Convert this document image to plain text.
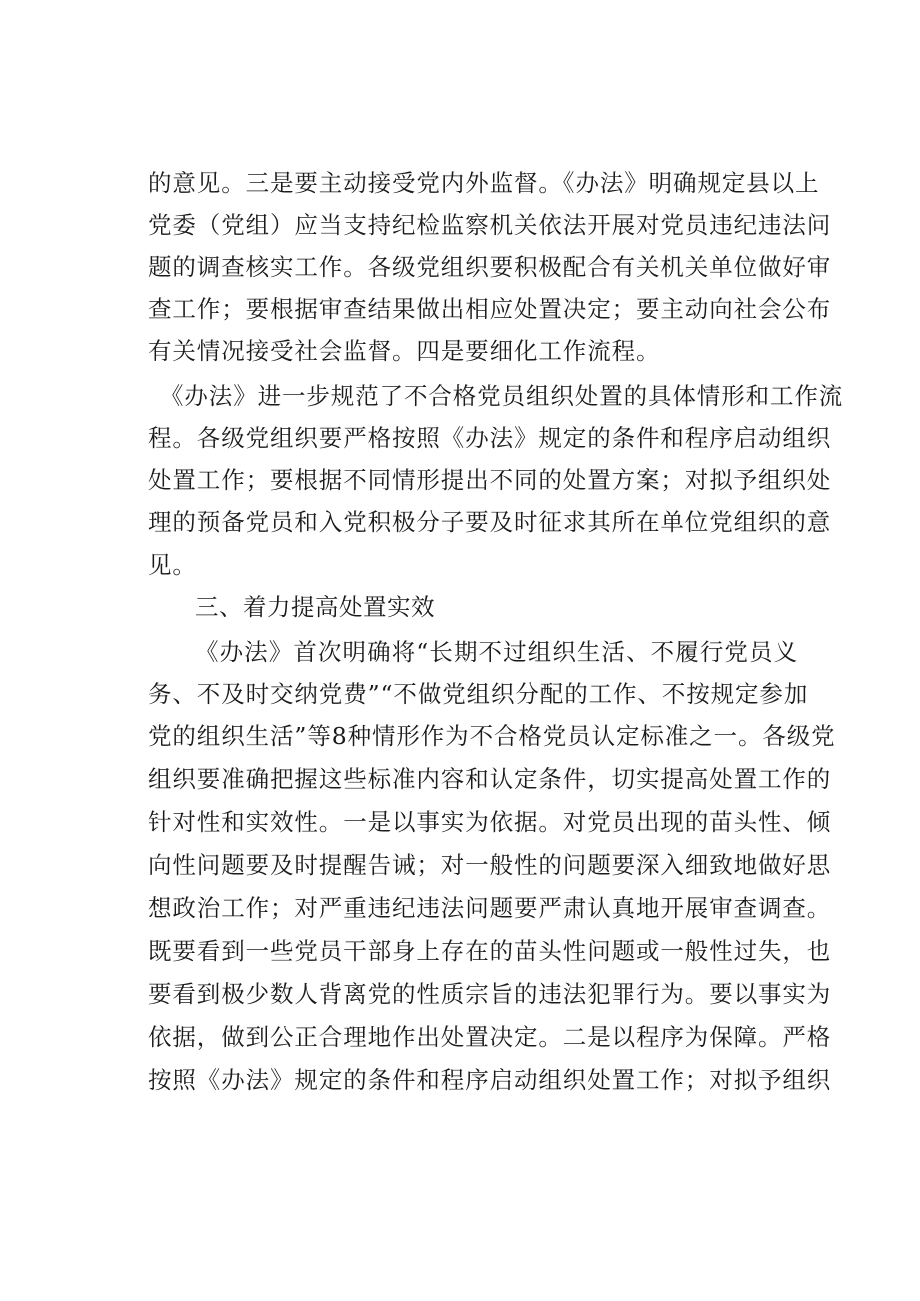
的意见。三是要主动接受党内外监督。《办法》明确规定县以上
党委（党组）应当支持纪检监察机关依法开展对党员违纪违法问
题的调查核实工作。各级党组织要积极配合有关机关单位做好审
查工作；要根据审查结果做出相应处置决定；要主动向社会公布
有关情况接受社会监督。四是要细化工作流程。
《办法》进一步规范了不合格党员组织处置的具体情形和工作流
程。各级党组织要严格按照《办法》规定的条件和程序启动组织
处置工作；要根据不同情形提出不同的处置方案；对拟予组织处
理的预备党员和入党积极分子要及时征求其所在单位党组织的意
见。
三、着力提高处置实效
《办法》首次明确将“长期不过组织生活、不履行党员义
务、不及时交纳党费”“不做党组织分配的工作、不按规定参加
党的组织生活”等8种情形作为不合格党员认定标准之一。各级党
组织要准确把握这些标准内容和认定条件，切实提高处置工作的
针对性和实效性。一是以事实为依据。对党员出现的苗头性、倾
向性问题要及时提醒告诫；对一般性的问题要深入细致地做好思
想政治工作；对严重违纪违法问题要严肃认真地开展审查调查。
既要看到一些党员干部身上存在的苗头性问题或一般性过失，也
要看到极少数人背离党的性质宗旨的违法犯罪行为。要以事实为
依据，做到公正合理地作出处置决定。二是以程序为保障。严格
按照《办法》规定的条件和程序启动组织处置工作；对拟予组织
